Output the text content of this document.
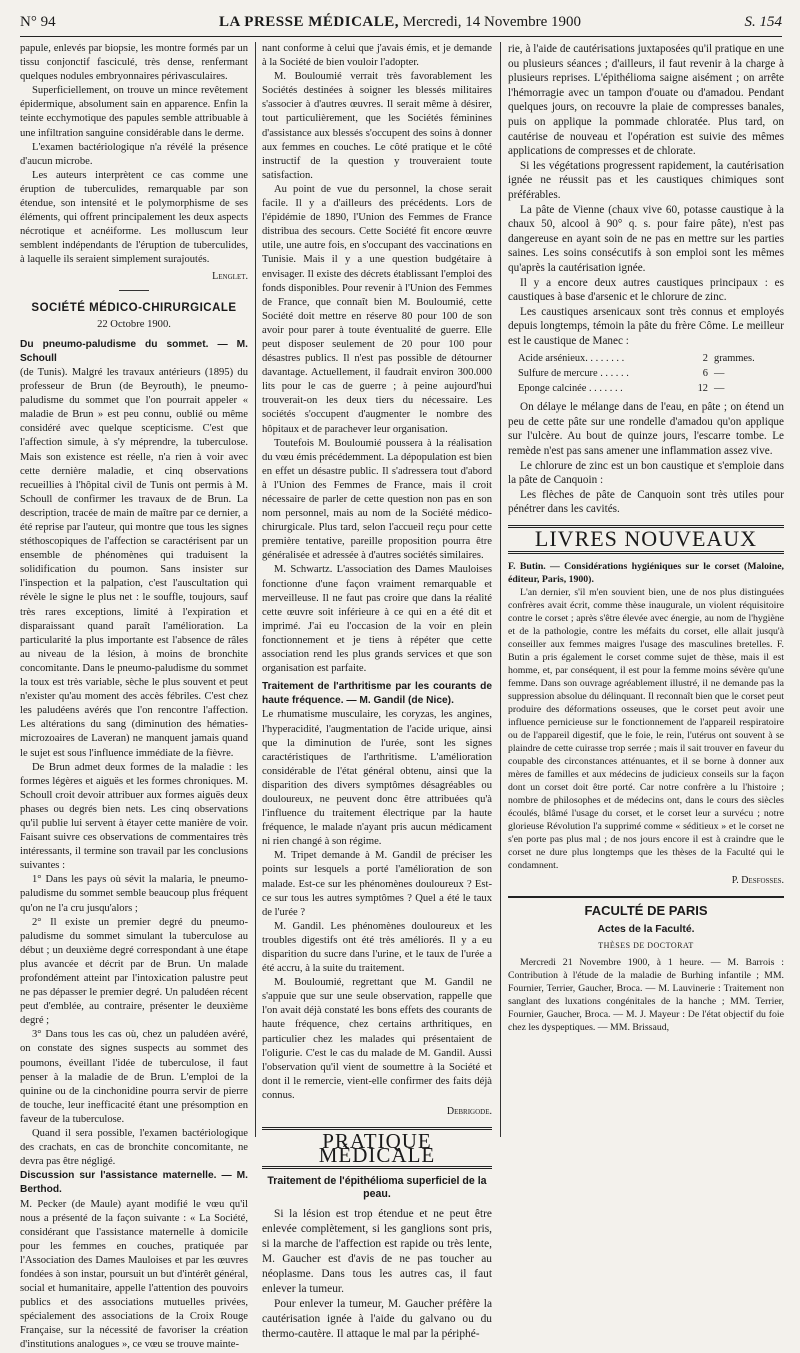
N° 94	LA PRESSE MÉDICALE, Mercredi, 14 Novembre 1900	S. 154

papule, enlevés par biopsie, les montre formés par un tissu conjonctif fasciculé, très dense, renfermant quelques nodules embryonnaires périvasculaires.

Superficiellement, on trouve un mince revêtement épidermique, absolument sain en apparence. Enfin la teinte ecchymotique des papules semble attribuable à une infiltration sanguine considérable dans le derme.

L'examen bactériologique n'a révélé la présence d'aucun microbe.

Les auteurs interprètent ce cas comme une éruption de tuberculides, remarquable par son étendue, son intensité et le polymorphisme de ses éléments, qui offrent principalement les deux aspects nécrotique et acnéiforme. Les molluscum leur semblent indépendants de l'éruption de tuberculides, à laquelle ils seraient simplement surajoutés.

Lenglet.
SOCIÉTÉ MÉDICO-CHIRURGICALE
22 Octobre 1900.

Du pneumo-paludisme du sommet. — M. Schoull

(de Tunis). Malgré les travaux antérieurs (1895) du professeur de Brun (de Beyrouth), le pneumo-paludisme du sommet que l'on pourrait appeler « maladie de Brun » est peu connu, oublié ou même considéré avec quelque scepticisme. C'est que l'affection simule, à s'y méprendre, la tuberculose. Mais son existence est réelle, n'a rien à voir avec cette dernière maladie, et cinq observations recueillies à l'hôpital civil de Tunis ont permis à M. Schoull de confirmer les travaux de de Brun. La description, tracée de main de maître par ce dernier, a été reprise par l'auteur, qui montre que tous les signes stéthoscopiques de l'affection se caractérisent par un ensemble de phénomènes qui traduisent la solidification du poumon. Sans insister sur l'inspection et la palpation, c'est l'auscultation qui révèle le signe le plus net : le souffle, toujours, sauf très rares exceptions, limité à l'expiration et disparaissant quand paraît l'amélioration. La particularité la plus importante est l'absence de râles au niveau de la lésion, à moins de bronchite concomitante. Dans le pneumo-paludisme du sommet la toux est très variable, sèche le plus souvent et peut n'exister qu'au moment des accès fébriles. C'est chez les paludéens avérés que l'on rencontre l'affection. Les altérations du sang (diminution des hématies-microzoaires de Laveran) ne manquent jamais quand le sujet est sous l'influence immédiate de la fièvre.

De Brun admet deux formes de la maladie : les formes légères et aiguës et les formes chroniques. M. Schoull croit devoir attribuer aux formes aiguës deux phases ou degrés bien nets. Les cinq observations qu'il publie lui servent à étayer cette manière de voir. Faisant suivre ces observations de commentaires très intéressants, il termine son travail par les conclusions suivantes :

1° Dans les pays où sévit la malaria, le pneumo-paludisme du sommet semble beaucoup plus fréquent qu'on ne l'a cru jusqu'alors ;

2° Il existe un premier degré du pneumo-paludisme du sommet simulant la tuberculose au début ; un deuxième degré correspondant à une étape plus avancée et décrit par de Brun. Un malade profondément atteint par l'intoxication palustre peut ne pas dépasser le premier degré. Un paludéen récent peut d'emblée, au contraire, présenter le deuxième degré ;

3° Dans tous les cas où, chez un paludéen avéré, on constate des signes suspects au sommet des poumons, éveillant l'idée de tuberculose, il faut penser à la maladie de de Brun. L'emploi de la quinine ou de la cinchonidine pourra servir de pierre de touche, leur inefficacité étant une présomption en faveur de la tuberculose.

Quand il sera possible, l'examen bactériologique des crachats, en cas de bronchite concomitante, ne devra pas être négligé.

Discussion sur l'assistance maternelle. — M. Berthod.

M. Pecker (de Maule) ayant modifié le vœu qu'il nous a présenté de la façon suivante : « La Société, considérant que l'assistance maternelle à domicile pour les femmes en couches, pratiquée par l'Association des Dames Mauloises et par les œuvres fondées à son instar, poursuit un but d'intérêt général, social et humanitaire, appelle l'attention des pouvoirs publics et des associations mutuelles privées, spécialement des associations de la Croix Rouge Française, sur la nécessité de favoriser la création d'institutions analogues », ce vœu se trouve mainte-

nant conforme à celui que j'avais émis, et je demande à la Société de bien vouloir l'adopter.

M. Bouloumié verrait très favorablement les Sociétés destinées à soigner les blessés militaires s'associer à d'autres œuvres. Il serait même à désirer, tout particulièrement, que les Sociétés féminines d'assistance aux blessés s'occupent des soins à donner aux femmes en couches. Le côté pratique et le côté instructif de la question y trouveraient toute satisfaction.

Au point de vue du personnel, la chose serait facile. Il y a d'ailleurs des précédents. Lors de l'épidémie de 1890, l'Union des Femmes de France distribua des secours. Cette Société fit encore œuvre utile, une autre fois, en s'occupant des vaccinations en Tunisie. Mais il y a une question budgétaire à envisager. Il existe des décrets établissant l'emploi des fonds disponibles. Pour revenir à l'Union des Femmes de France, que connaît bien M. Bouloumié, cette Société doit mettre en réserve 80 pour 100 de son avoir pour parer à toute éventualité de guerre. Elle peut disposer seulement de 20 pour 100 pour désastres publics. Il n'est pas possible de détourner davantage. Actuellement, il faudrait environ 300.000 lits pour le cas de guerre ; à peine aujourd'hui trouverait-on les deux tiers du nécessaire. Les sociétés s'occupent d'augmenter le nombre des hôpitaux et de parachever leur organisation.

Toutefois M. Bouloumié poussera à la réalisation du vœu émis précédemment. La dépopulation est bien en effet un désastre public. Il s'adressera tout d'abord à l'Union des Femmes de France, mais il croit nécessaire de parler de cette question non pas en son nom personnel, mais au nom de la Société médico-chirurgicale. Plus tard, selon l'accueil reçu pour cette première tentative, pareille proposition pourra être généralisée et adressée à d'autres sociétés similaires.

M. Schwartz. L'association des Dames Mauloises fonctionne d'une façon vraiment remarquable et merveilleuse. Il ne faut pas croire que dans la réalité cette œuvre soit inférieure à ce qui en a été dit et imprimé. J'ai eu l'occasion de la voir en plein fonctionnement et je tiens à répéter que cette association rend les plus grands services et que son organisation est parfaite.

Traitement de l'arthritisme par les courants de haute fréquence. — M. Gandil (de Nice).

Le rhumatisme musculaire, les coryzas, les angines, l'hyperacidité, l'augmentation de l'acide urique, ainsi que la diminution de l'urée, sont les signes caractéristiques de l'arthritisme. L'amélioration considérable de l'état général obtenu, ainsi que la disparition des divers symptômes désagréables ou douloureux, ne peuvent donc être attribuées qu'à l'influence du traitement électrique par la haute fréquence, le malade n'ayant pris aucun médicament ni rien changé à son régime.

M. Tripet demande à M. Gandil de préciser les points sur lesquels a porté l'amélioration de son malade. Est-ce sur les phénomènes douloureux ? Est-ce sur tous les autres symptômes ? Quel a été le taux de l'urée ?

M. Gandil. Les phénomènes douloureux et les troubles digestifs ont été très améliorés. Il y a eu disparition du sucre dans l'urine, et le taux de l'urée a été accru, à la suite du traitement.

M. Bouloumié, regrettant que M. Gandil ne s'appuie que sur une seule observation, rappelle que l'on avait déjà constaté les bons effets des courants de haute fréquence, chez certains arthritiques, en particulier chez les malades qui présentaient de l'oligurie. C'est le cas du malade de M. Gandil. Aussi l'observation qu'il vient de soumettre à la Société et dont il le remercie, vient-elle confirmer des faits déjà connus.

Debrigode.
PRATIQUE MÉDICALE
Traitement de l'épithélioma superficiel de la peau.

Si la lésion est trop étendue et ne peut être enlevée complètement, si les ganglions sont pris, si la marche de l'affection est rapide ou très lente, M. Gaucher est d'avis de ne pas toucher au néoplasme. Dans tous les autres cas, il faut enlever la tumeur.

Pour enlever la tumeur, M. Gaucher préfère la cautérisation ignée à l'aide du galvano ou du thermo-cautère. Il attaque le mal par la périphé-

rie, à l'aide de cautérisations juxtaposées qu'il pratique en une ou plusieurs séances ; d'ailleurs, il faut revenir à la charge à plusieurs reprises. L'épithélioma saigne aisément ; on arrête l'hémorragie avec un tampon d'ouate ou d'amadou. Pendant quelques jours, on recouvre la plaie de compresses banales, puis on applique la pommade chloratée. Plus tard, on cautérise de nouveau et l'opération est suivie des mêmes applications de compresses et de chlorate.

Si les végétations progressent rapidement, la cautérisation ignée ne réussit pas et les caustiques chimiques sont préférables.

La pâte de Vienne (chaux vive 60, potasse caustique à la chaux 50, alcool à 90° q. s. pour faire pâte), n'est pas dangereuse en ayant soin de ne pas en mettre sur les parties saines. Les soins consécutifs à son emploi sont les mêmes qu'après la cautérisation ignée.

Il y a encore deux autres caustiques principaux : es caustiques à base d'arsenic et le chlorure de zinc.

Les caustiques arsenicaux sont très connus et employés depuis longtemps, témoin la pâte du frère Côme. Le meilleur est le caustique de Manec :

Acide arsénieux. . . . . . . .	2 grammes.
Sulfure de mercure . . . . . .	6 —
Eponge calcinée . . . . . . .	12 —

On délaye le mélange dans de l'eau, en pâte ; on étend un peu de cette pâte sur une rondelle d'amadou qu'on applique sur l'ulcère. Au bout de quinze jours, l'escarre tombe. Le remède n'est pas sans amener une inflammation assez vive.

Le chlorure de zinc est un bon caustique et s'emploie dans la pâte de Canquoin :

Les flèches de pâte de Canquoin sont très utiles pour pénétrer dans les cavités.

LIVRES NOUVEAUX

F. Butin. — Considérations hygiéniques sur le corset (Maloine, éditeur, Paris, 1900).

L'an dernier, s'il m'en souvient bien, une de nos plus distinguées confrères avait écrit, comme thèse inaugurale, un violent réquisitoire contre le corset ; après s'être élevée avec énergie, au nom de l'hygiène et de la pathologie, contre les méfaits du corset, elle allait jusqu'à conseiller aux femmes maigres l'usage des masculines bretelles. F. Butin a pris également le corset comme sujet de thèse, mais il est homme, et, par conséquent, il est pour la femme moins sévère qu'une femme. Dans son ouvrage agréablement illustré, il ne demande pas la suppression absolue du délinquant. Il reconnaît bien que le corset peut produire des déformations osseuses, que le corset peut avoir une influence pernicieuse sur le fonctionnement de l'appareil respiratoire ou de l'appareil digestif, que le foie, le rein, l'utérus ont souvent à se plaindre de cette cuirasse trop serrée ; mais il sait trouver en faveur du coupable des circonstances atténuantes, et il se borne à donner aux mères de familles et aux médecins de judicieux conseils sur la façon dont un corset doit être porté. Car notre confrère a lu l'histoire ; nombre de philosophes et de médecins ont, dans le cours des siècles écoulés, blâmé l'usage du corset, et le corset leur a survécu ; notre glorieuse Révolution l'a supprimé comme « séditieux » et le corset ne s'en porte pas plus mal ; de nos jours encore il est à craindre que le corset ne dure plus longtemps que les thèses de la Faculté qui le condamnent.

P. Desfosses.
FACULTÉ DE PARIS
Actes de la Faculté.
THÈSES DE DOCTORAT

Mercredi 21 Novembre 1900, à 1 heure. — M. Barrois : Contribution à l'étude de la maladie de Burhing infantile ; MM. Fournier, Terrier, Gaucher, Broca. — M. Lauvinerie : Traitement non sanglant des luxations congénitales de la hanche ; MM. Terrier, Fournier, Gaucher, Broca. — M. J. Mayeur : De l'état objectif du foie chez les dyspeptiques. — MM. Brissaud,
